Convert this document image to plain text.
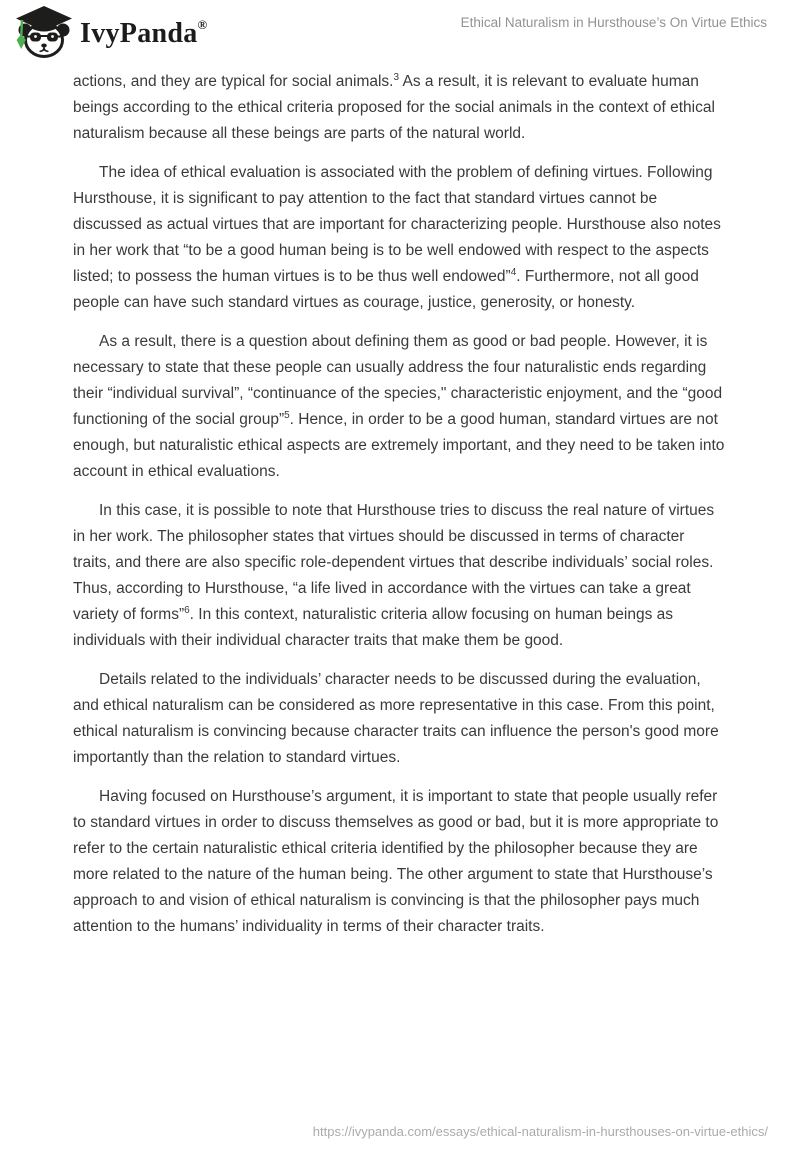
IvyPanda®	Ethical Naturalism in Hursthouse’s On Virtue Ethics

actions, and they are typical for social animals.$^3$ As a result, it is relevant to evaluate human beings according to the ethical criteria proposed for the social animals in the context of ethical naturalism because all these beings are parts of the natural world.

The idea of ethical evaluation is associated with the problem of defining virtues. Following Hursthouse, it is significant to pay attention to the fact that standard virtues cannot be discussed as actual virtues that are important for characterizing people. Hursthouse also notes in her work that “to be a good human being is to be well endowed with respect to the aspects listed; to possess the human virtues is to be thus well endowed”$^4$. Furthermore, not all good people can have such standard virtues as courage, justice, generosity, or honesty.

As a result, there is a question about defining them as good or bad people. However, it is necessary to state that these people can usually address the four naturalistic ends regarding their “individual survival”, “continuance of the species," characteristic enjoyment, and the “good functioning of the social group”$^5$. Hence, in order to be a good human, standard virtues are not enough, but naturalistic ethical aspects are extremely important, and they need to be taken into account in ethical evaluations.

In this case, it is possible to note that Hursthouse tries to discuss the real nature of virtues in her work. The philosopher states that virtues should be discussed in terms of character traits, and there are also specific role-dependent virtues that describe individuals’ social roles. Thus, according to Hursthouse, “a life lived in accordance with the virtues can take a great variety of forms”$^6$. In this context, naturalistic criteria allow focusing on human beings as individuals with their individual character traits that make them be good.

Details related to the individuals’ character needs to be discussed during the evaluation, and ethical naturalism can be considered as more representative in this case. From this point, ethical naturalism is convincing because character traits can influence the person's good more importantly than the relation to standard virtues.

Having focused on Hursthouse’s argument, it is important to state that people usually refer to standard virtues in order to discuss themselves as good or bad, but it is more appropriate to refer to the certain naturalistic ethical criteria identified by the philosopher because they are more related to the nature of the human being. The other argument to state that Hursthouse’s approach to and vision of ethical naturalism is convincing is that the philosopher pays much attention to the humans’ individuality in terms of their character traits.

https://ivypanda.com/essays/ethical-naturalism-in-hursthouses-on-virtue-ethics/
